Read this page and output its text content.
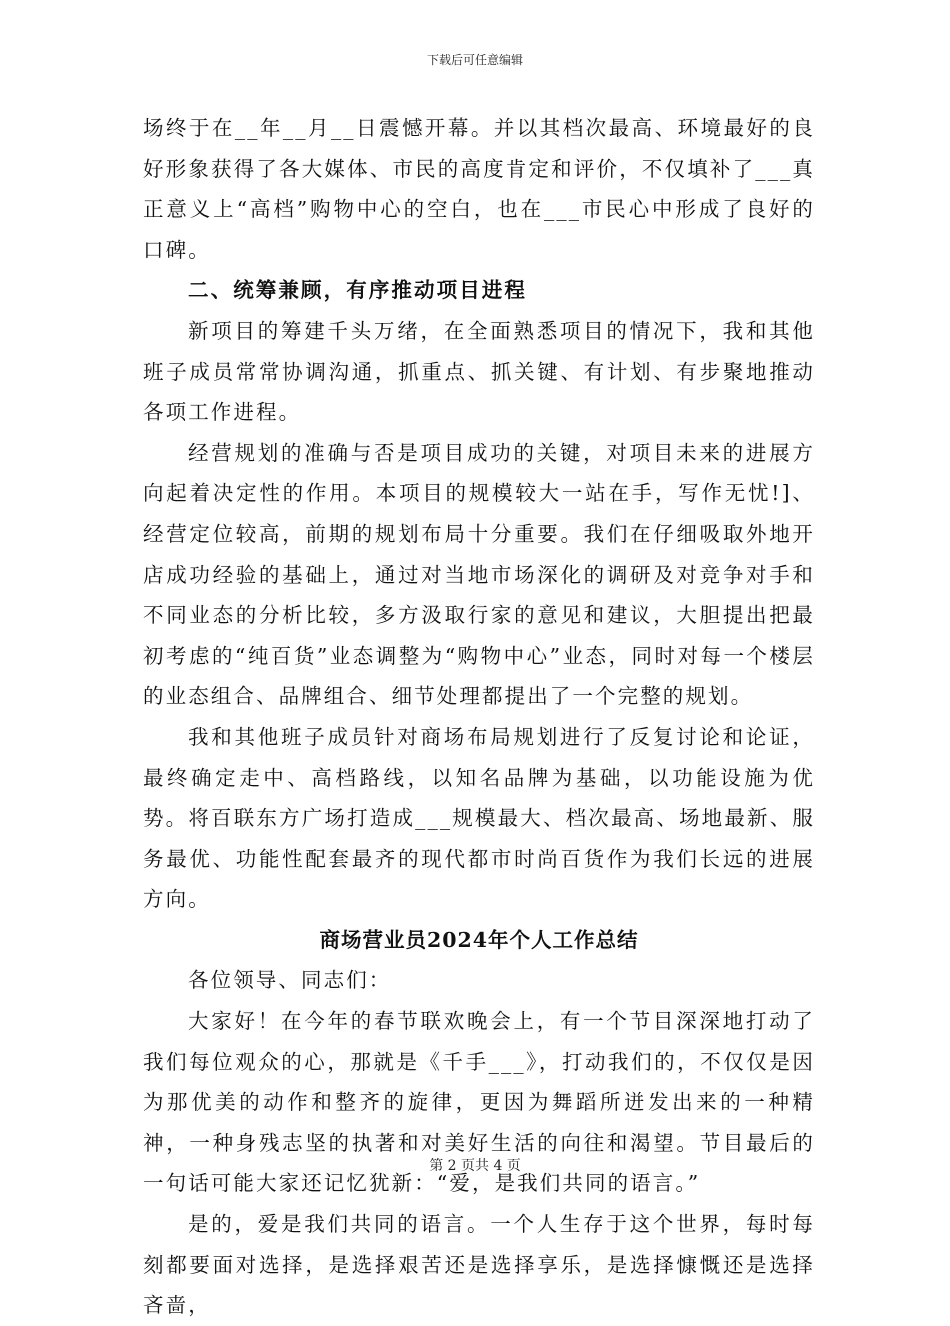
下载后可任意编辑

场终于在__年__月__日震憾开幕。并以其档次最高、环境最好的良好形象获得了各大媒体、市民的高度肯定和评价，不仅填补了___真正意义上“高档”购物中心的空白，也在___市民心中形成了良好的口碑。

二、统筹兼顾，有序推动项目进程

新项目的筹建千头万绪，在全面熟悉项目的情况下，我和其他班子成员常常协调沟通，抓重点、抓关键、有计划、有步聚地推动各项工作进程。

经营规划的准确与否是项目成功的关键，对项目未来的进展方向起着决定性的作用。本项目的规模较大一站在手，写作无忧!]、经营定位较高，前期的规划布局十分重要。我们在仔细吸取外地开店成功经验的基础上，通过对当地市场深化的调研及对竞争对手和不同业态的分析比较，多方汲取行家的意见和建议，大胆提出把最初考虑的“纯百货”业态调整为“购物中心”业态，同时对每一个楼层的业态组合、品牌组合、细节处理都提出了一个完整的规划。

我和其他班子成员针对商场布局规划进行了反复讨论和论证，最终确定走中、高档路线，以知名品牌为基础，以功能设施为优势。将百联东方广场打造成___规模最大、档次最高、场地最新、服务最优、功能性配套最齐的现代都市时尚百货作为我们长远的进展方向。

商场营业员2024年个人工作总结

各位领导、同志们：

大家好！在今年的春节联欢晚会上，有一个节目深深地打动了我们每位观众的心，那就是《千手___》，打动我们的，不仅仅是因为那优美的动作和整齐的旋律，更因为舞蹈所迸发出来的一种精神，一种身残志坚的执著和对美好生活的向往和渴望。节目最后的一句话可能大家还记忆犹新：“爱，是我们共同的语言。”

是的，爱是我们共同的语言。一个人生存于这个世界，每时每刻都要面对选择，是选择艰苦还是选择享乐，是选择慷慨还是选择吝啬，

第 2 页共 4 页
